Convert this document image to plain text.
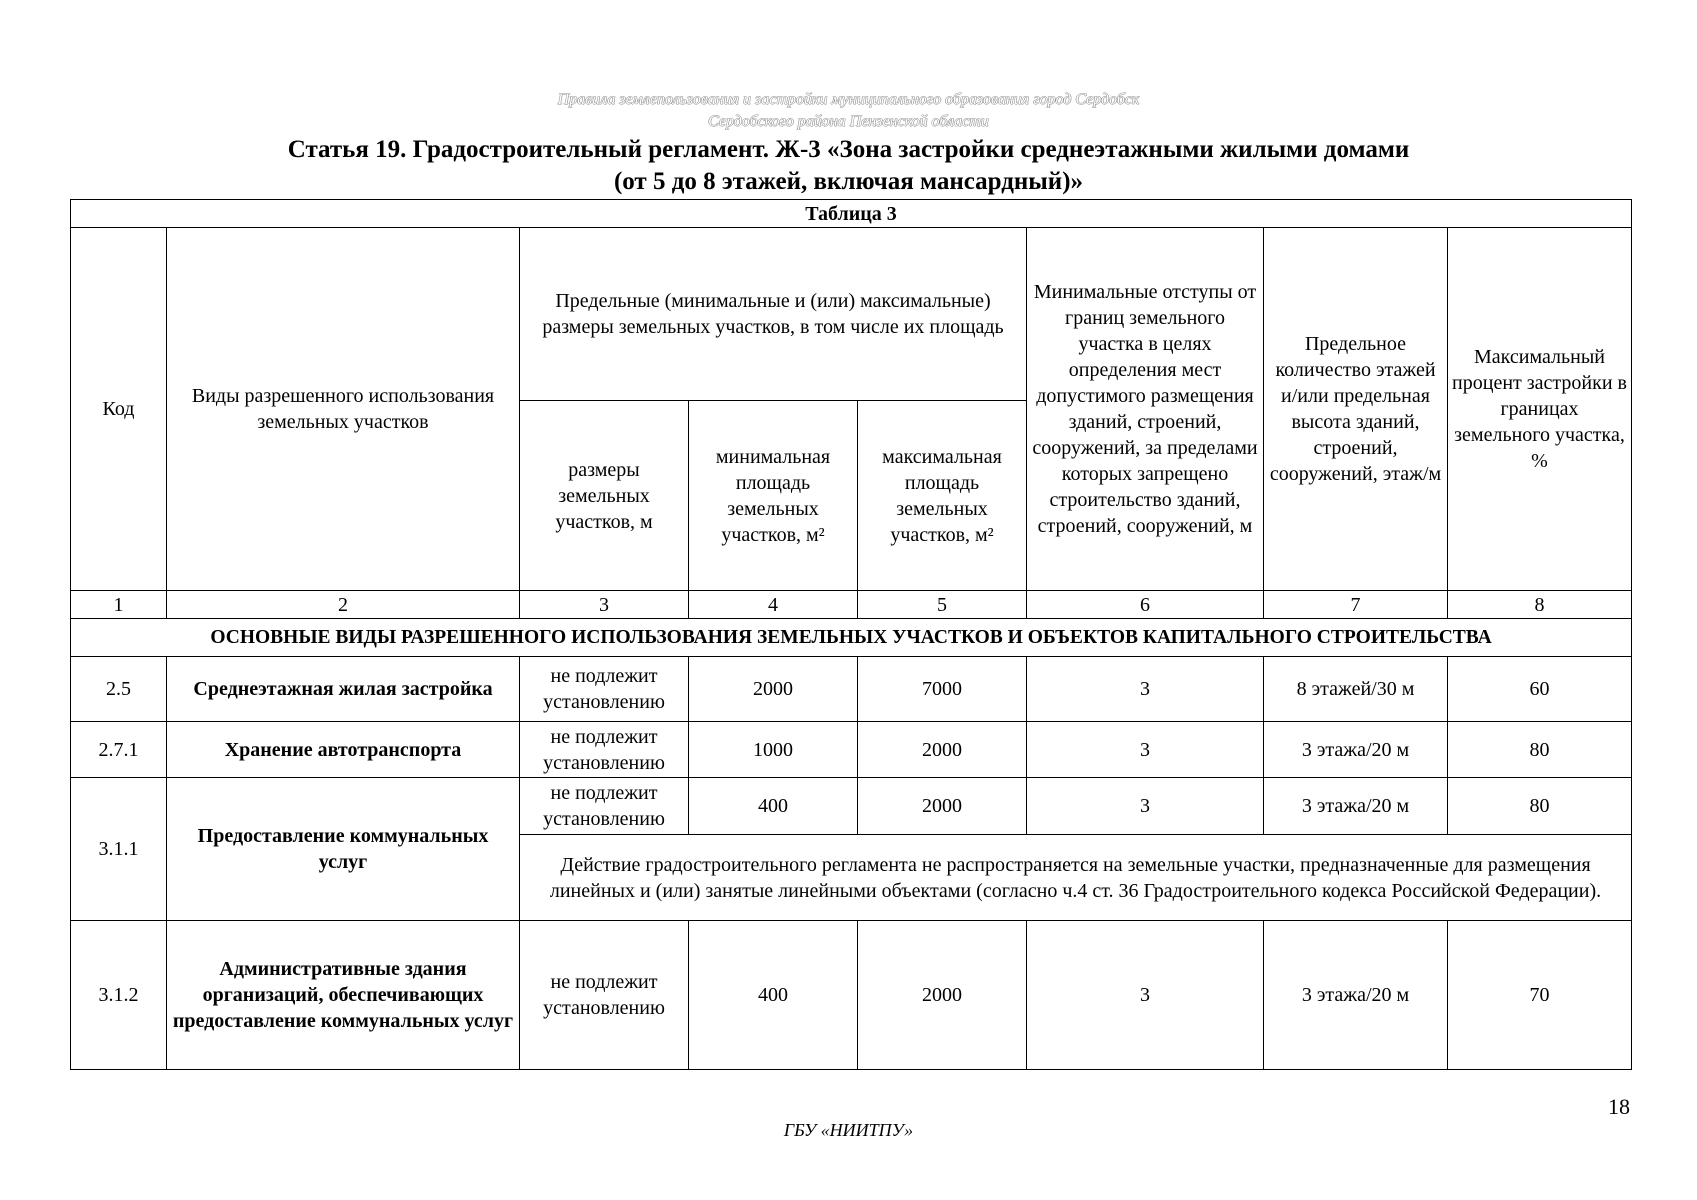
Правила землепользования и застройки муниципального образования город Сердобск
Сердобского района Пензенской области
Статья 19. Градостроительный регламент. Ж-3 «Зона застройки среднеэтажными жилыми домами
(от 5 до 8 этажей, включая мансардный)»
Таблица 3							
Код	Виды разрешенного использования земельных участков	Предельные (минимальные и (или) максимальные) размеры земельных участков, в том числе их площадь			Минимальные отступы от границ земельного участка в целях определения мест допустимого размещения зданий, строений, сооружений, за пределами которых запрещено строительство зданий, строений, сооружений, м	Предельное количество этажей и/или предельная высота зданий, строений, сооружений, этаж/м	Максимальный процент застройки в границах земельного участка, %
		размеры земельных участков, м	минимальная площадь земельных участков, м²	максимальная площадь земельных участков, м²			
1	2	3	4	5	6	7	8
ОСНОВНЫЕ ВИДЫ РАЗРЕШЕННОГО ИСПОЛЬЗОВАНИЯ ЗЕМЕЛЬНЫХ УЧАСТКОВ И ОБЪЕКТОВ КАПИТАЛЬНОГО СТРОИТЕЛЬСТВА							
2.5	Среднеэтажная жилая застройка	не подлежит установлению	2000	7000	3	8 этажей/30 м	60
2.7.1	Хранение автотранспорта	не подлежит установлению	1000	2000	3	3 этажа/20 м	80
3.1.1	Предоставление коммунальных услуг	не подлежит установлению	400	2000	3	3 этажа/20 м	80
		Действие градостроительного регламента не распространяется на земельные участки, предназначенные для размещения линейных и (или) занятые линейными объектами (согласно ч.4 ст. 36 Градостроительного кодекса Российской Федерации).					
3.1.2	Административные здания организаций, обеспечивающих предоставление коммунальных услуг	не подлежит установлению	400	2000	3	3 этажа/20 м	70
18
ГБУ «НИИТПУ»
